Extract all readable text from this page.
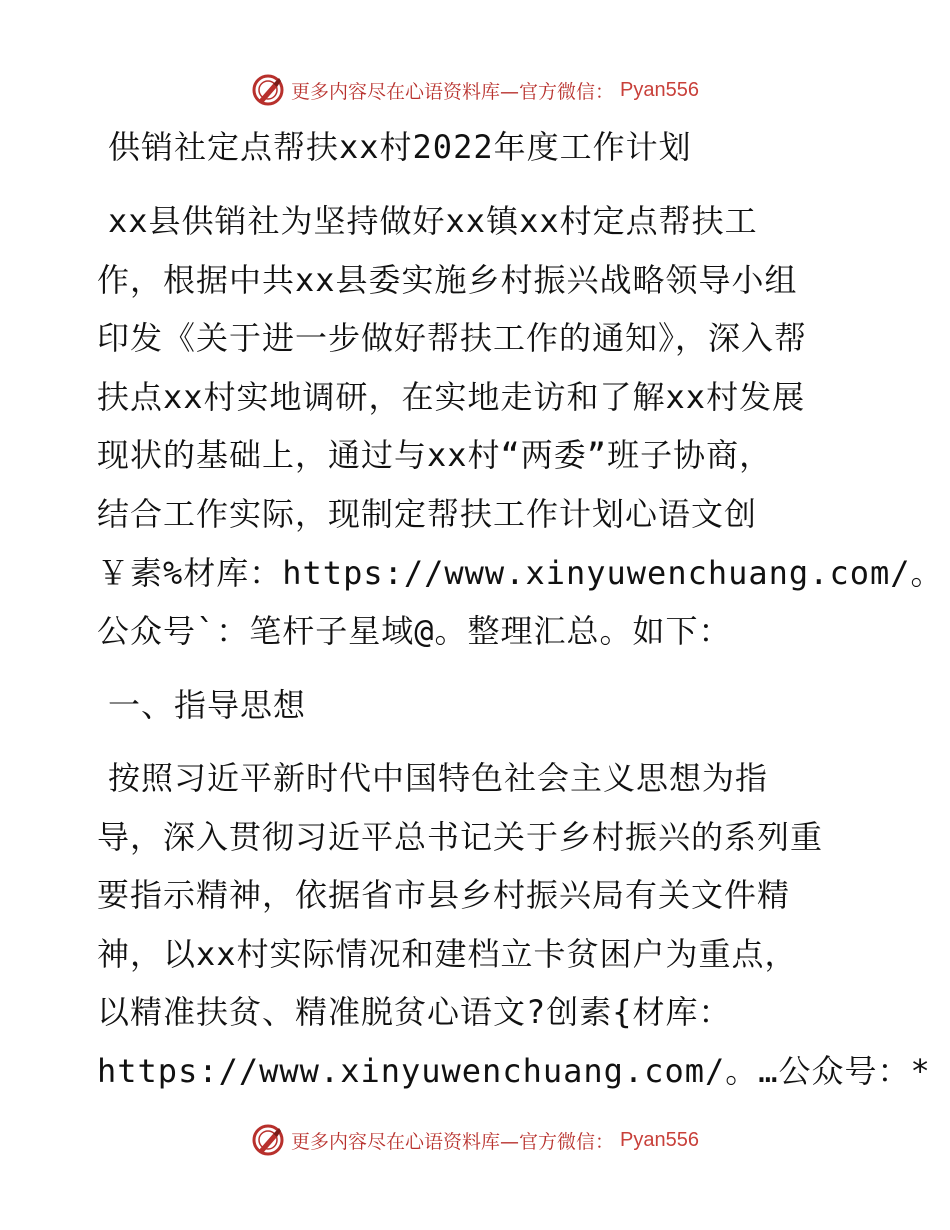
更多内容尽在心语资料库—官方微信： Pyan556
供销社定点帮扶xx村2022年度工作计划
xx县供销社为坚持做好xx镇xx村定点帮扶工
作，根据中共xx县委实施乡村振兴战略领导小组
印发《关于进一步做好帮扶工作的通知》，深入帮
扶点xx村实地调研，在实地走访和了解xx村发展
现状的基础上，通过与xx村“两委”班子协商，
结合工作实际，现制定帮扶工作计划心语文创
￥素%材库：https://www.xinyuwenchuang.com/。
公众号`：笔杆子星域@。整理汇总。如下：
一、指导思想
按照习近平新时代中国特色社会主义思想为指
导，深入贯彻习近平总书记关于乡村振兴的系列重
要指示精神，依据省市县乡村振兴局有关文件精
神，以xx村实际情况和建档立卡贫困户为重点，
以精准扶贫、精准脱贫心语文?创素{材库：
https://www.xinyuwenchuang.com/。…公众号：*
更多内容尽在心语资料库—官方微信： Pyan556
